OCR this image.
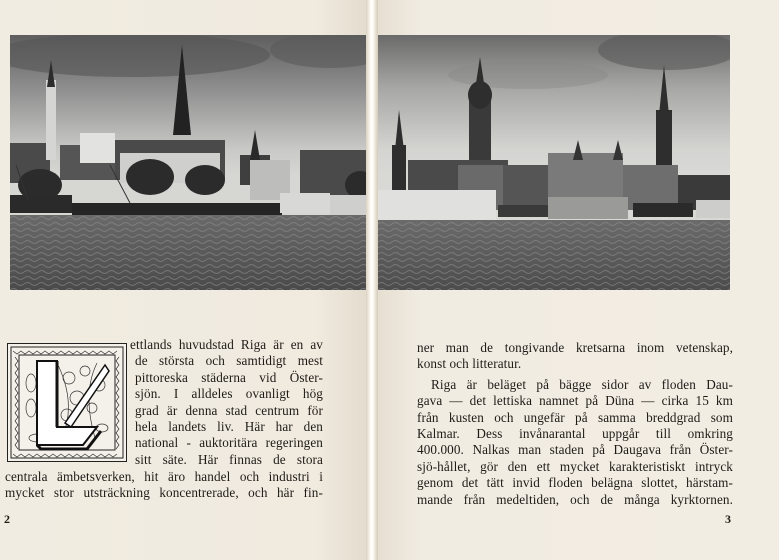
ettlands huvudstad Riga är en av
de största och samtidigt mest
pittoreska städerna vid Öster-
sjön. I alldeles ovanligt hög
grad är denna stad centrum för
hela landets liv. Här har den
national - auktoritära regeringen
sitt säte. Här finnas de stora
centrala ämbetsverken, hit äro handel och industri i
mycket stor utsträckning koncentrerade, och här fin-
ner man de tongivande kretsarna inom vetenskap,
konst och litteratur.
Riga är beläget på bägge sidor av floden Dau-
gava — det lettiska namnet på Düna — cirka 15 km
från kusten och ungefär på samma breddgrad som
Kalmar. Dess invånarantal uppgår till omkring
400.000. Nalkas man staden på Daugava från Öster-
sjö-hållet, gör den ett mycket karakteristiskt intryck
genom det tätt invid floden belägna slottet, härstam-
mande från medeltiden, och de många kyrktornen.
2	3
